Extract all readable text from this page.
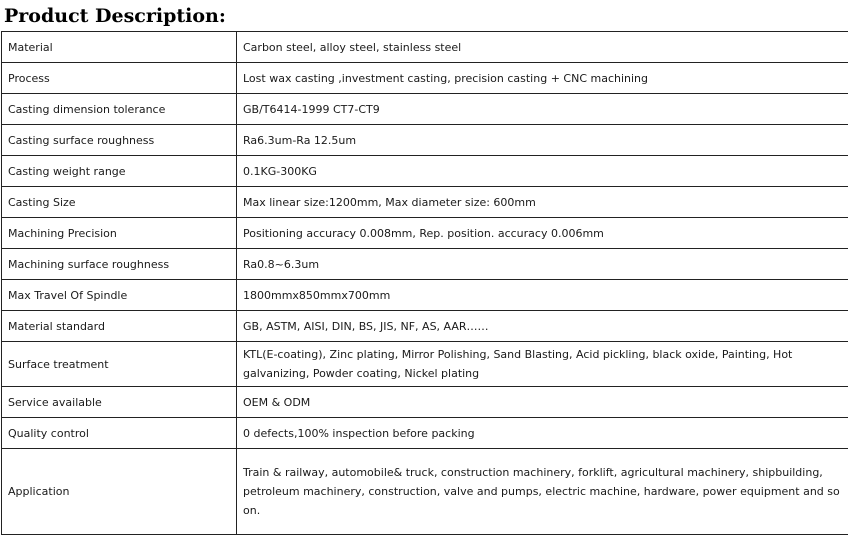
Product Description:
Material	Carbon steel, alloy steel, stainless steel

Process	Lost wax casting ,investment casting, precision casting + CNC machining

Casting dimension tolerance	GB/T6414-1999 CT7-CT9

Casting surface roughness	Ra6.3um-Ra 12.5um

Casting weight range	0.1KG-300KG

Casting Size	Max linear size:1200mm, Max diameter size: 600mm

Machining Precision	Positioning accuracy 0.008mm, Rep. position. accuracy 0.006mm

Machining surface roughness	Ra0.8~6.3um

Max Travel Of Spindle	1800mmx850mmx700mm

Material standard	GB, ASTM, AISI, DIN, BS, JIS, NF, AS, AAR……

Surface treatment	KTL(E-coating), Zinc plating, Mirror Polishing, Sand Blasting, Acid pickling, black oxide, Painting, Hot galvanizing, Powder coating, Nickel plating

Service available	OEM & ODM

Quality control	0 defects,100% inspection before packing

Application	Train & railway, automobile& truck, construction machinery, forklift, agricultural machinery, shipbuilding, petroleum machinery, construction, valve and pumps, electric machine, hardware, power equipment and so on.
